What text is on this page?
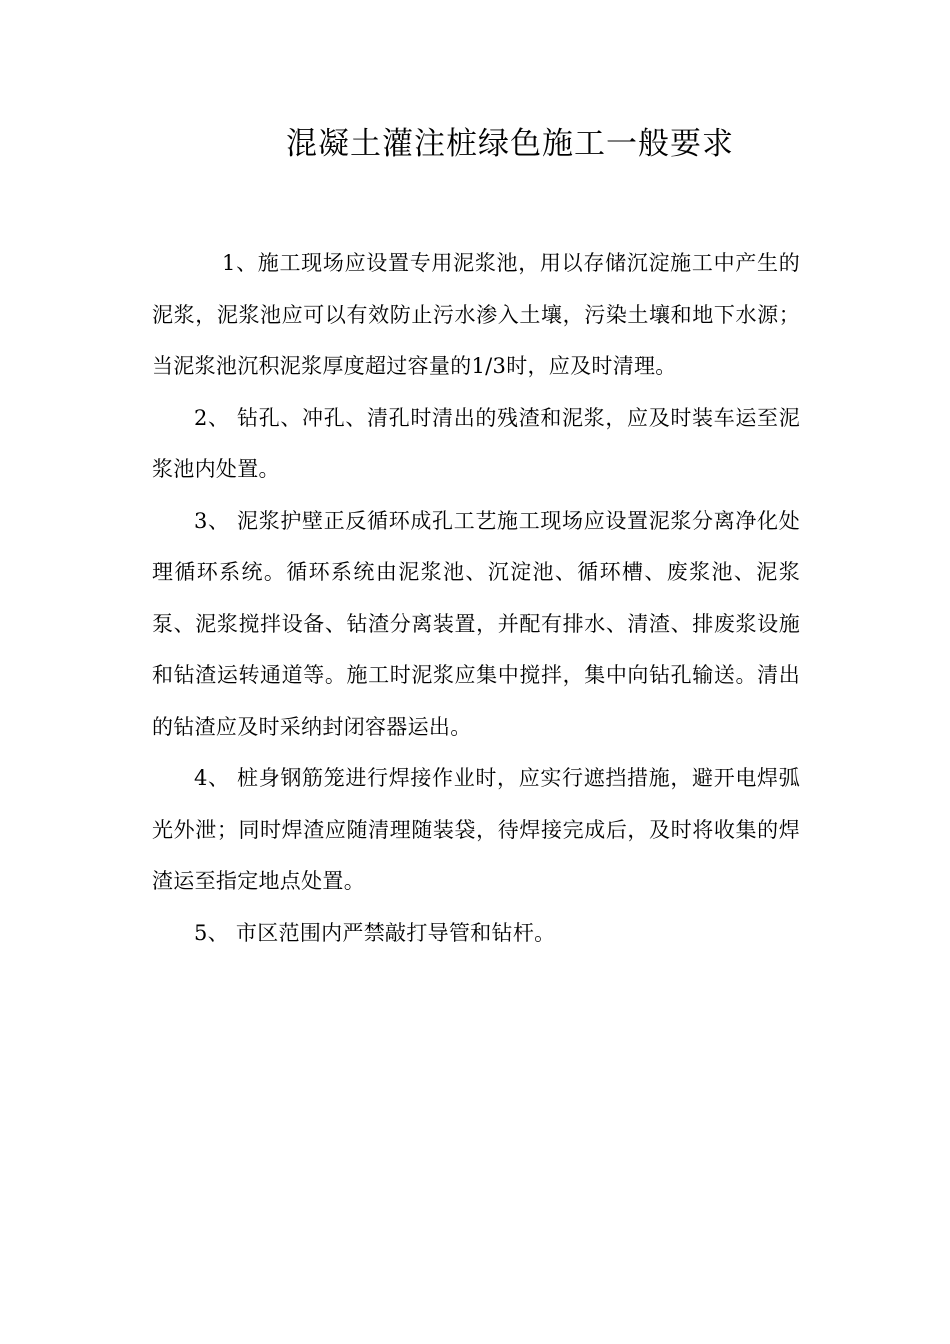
混凝土灌注桩绿色施工一般要求

1、施工现场应设置专用泥浆池，用以存储沉淀施工中产生的泥浆，泥浆池应可以有效防止污水渗入土壤，污染土壤和地下水源；当泥浆池沉积泥浆厚度超过容量的1/3时，应及时清理。

2、 钻孔、冲孔、清孔时清出的残渣和泥浆，应及时装车运至泥浆池内处置。

3、 泥浆护壁正反循环成孔工艺施工现场应设置泥浆分离净化处理循环系统。循环系统由泥浆池、沉淀池、循环槽、废浆池、泥浆泵、泥浆搅拌设备、钻渣分离装置，并配有排水、清渣、排废浆设施和钻渣运转通道等。施工时泥浆应集中搅拌，集中向钻孔输送。清出的钻渣应及时采纳封闭容器运出。

4、 桩身钢筋笼进行焊接作业时，应实行遮挡措施，避开电焊弧光外泄；同时焊渣应随清理随装袋，待焊接完成后，及时将收集的焊渣运至指定地点处置。

5、 市区范围内严禁敲打导管和钻杆。
